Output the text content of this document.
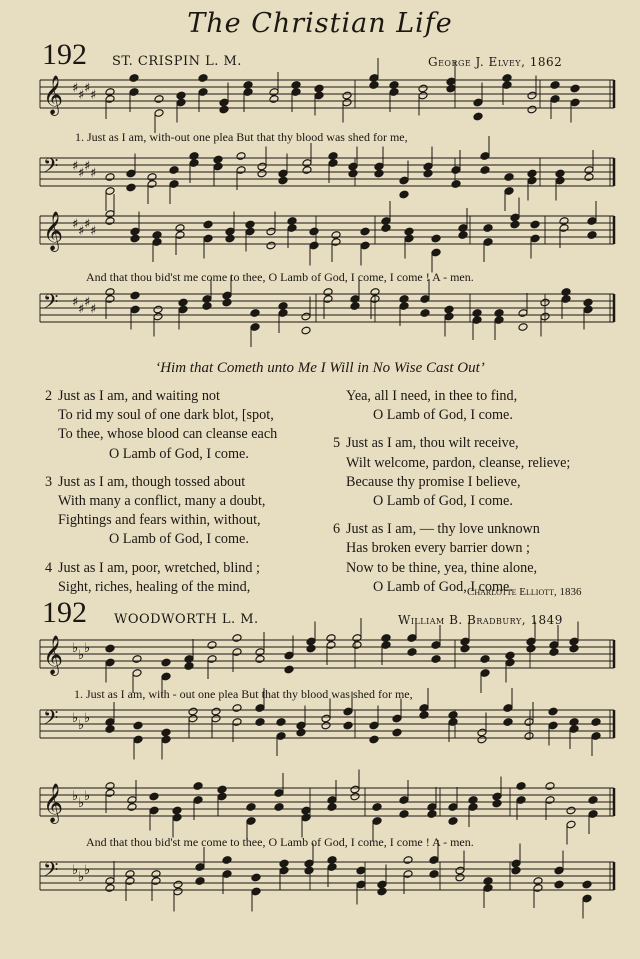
The Christian Life
192 ST. CRISPIN L. M.	George J. Elvey, 1862
𝄞 ♯ ♯ ♯ ♯
𝄢 ♯ ♯ ♯ ♯
𝄞 ♯ ♯ ♯ ♯
𝄢 ♯ ♯ ♯ ♯
𝄞 ♭ ♭ ♭
𝄢 ♭ ♭ ♭
𝄞 ♭ ♭ ♭
𝄢 ♭ ♭ ♭
1. Just as I am, with-out one plea But that thy blood was shed for me,
And that thou bid'st me come to thee, O Lamb of God, I come, I come ! A - men.
‘Him that Cometh unto Me I Will in No Wise Cast Out’
2 Just as I am, and waiting not
To rid my soul of one dark blot, [spot,
To thee, whose blood can cleanse each
O Lamb of God, I come.
3 Just as I am, though tossed about
With many a conflict, many a doubt,
Fightings and fears within, without,
O Lamb of God, I come.
4 Just as I am, poor, wretched, blind ;
Sight, riches, healing of the mind,
Yea, all I need, in thee to find,
O Lamb of God, I come.
5 Just as I am, thou wilt receive,
Wilt welcome, pardon, cleanse, relieve;
Because thy promise I believe,
O Lamb of God, I come.
6 Just as I am, — thy love unknown
Has broken every barrier down ;
Now to be thine, yea, thine alone,
O Lamb of God, I come.
Charlotte Elliott, 1836
192 WOODWORTH L. M.	William B. Bradbury, 1849
1. Just as I am, with - out one plea But that thy blood was shed for me,
And that thou bid'st me come to thee, O Lamb of God, I come, I come ! A - men.
